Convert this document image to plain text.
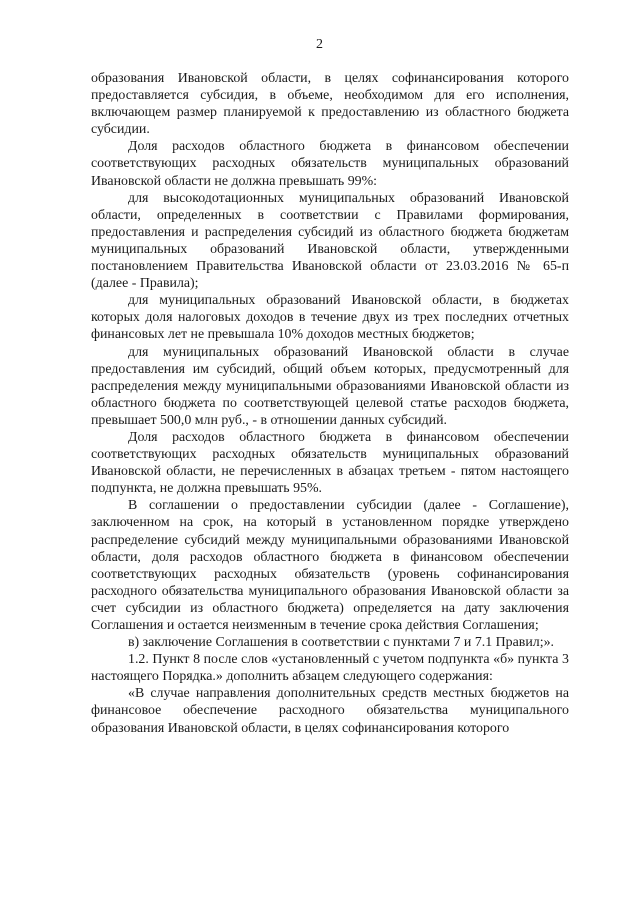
2

образования Ивановской области, в целях софинансирования которого предоставляется субсидия, в объеме, необходимом для его исполнения, включающем размер планируемой к предоставлению из областного бюджета субсидии.

Доля расходов областного бюджета в финансовом обеспечении соответствующих расходных обязательств муниципальных образований Ивановской области не должна превышать 99%:

для высокодотационных муниципальных образований Ивановской области, определенных в соответствии с Правилами формирования, предоставления и распределения субсидий из областного бюджета бюджетам муниципальных образований Ивановской области, утвержденными постановлением Правительства Ивановской области от 23.03.2016 № 65-п (далее - Правила);

для муниципальных образований Ивановской области, в бюджетах которых доля налоговых доходов в течение двух из трех последних отчетных финансовых лет не превышала 10% доходов местных бюджетов;

для муниципальных образований Ивановской области в случае предоставления им субсидий, общий объем которых, предусмотренный для распределения между муниципальными образованиями Ивановской области из областного бюджета по соответствующей целевой статье расходов бюджета, превышает 500,0 млн руб., - в отношении данных субсидий.

Доля расходов областного бюджета в финансовом обеспечении соответствующих расходных обязательств муниципальных образований Ивановской области, не перечисленных в абзацах третьем - пятом настоящего подпункта, не должна превышать 95%.

В соглашении о предоставлении субсидии (далее - Соглашение), заключенном на срок, на который в установленном порядке утверждено распределение субсидий между муниципальными образованиями Ивановской области, доля расходов областного бюджета в финансовом обеспечении соответствующих расходных обязательств (уровень софинансирования расходного обязательства муниципального образования Ивановской области за счет субсидии из областного бюджета) определяется на дату заключения Соглашения и остается неизменным в течение срока действия Соглашения;

в) заключение Соглашения в соответствии с пунктами 7 и 7.1 Правил;».

1.2. Пункт 8 после слов «установленный с учетом подпункта «б» пункта 3 настоящего Порядка.» дополнить абзацем следующего содержания:

«В случае направления дополнительных средств местных бюджетов на финансовое обеспечение расходного обязательства муниципального образования Ивановской области, в целях софинансирования которого
